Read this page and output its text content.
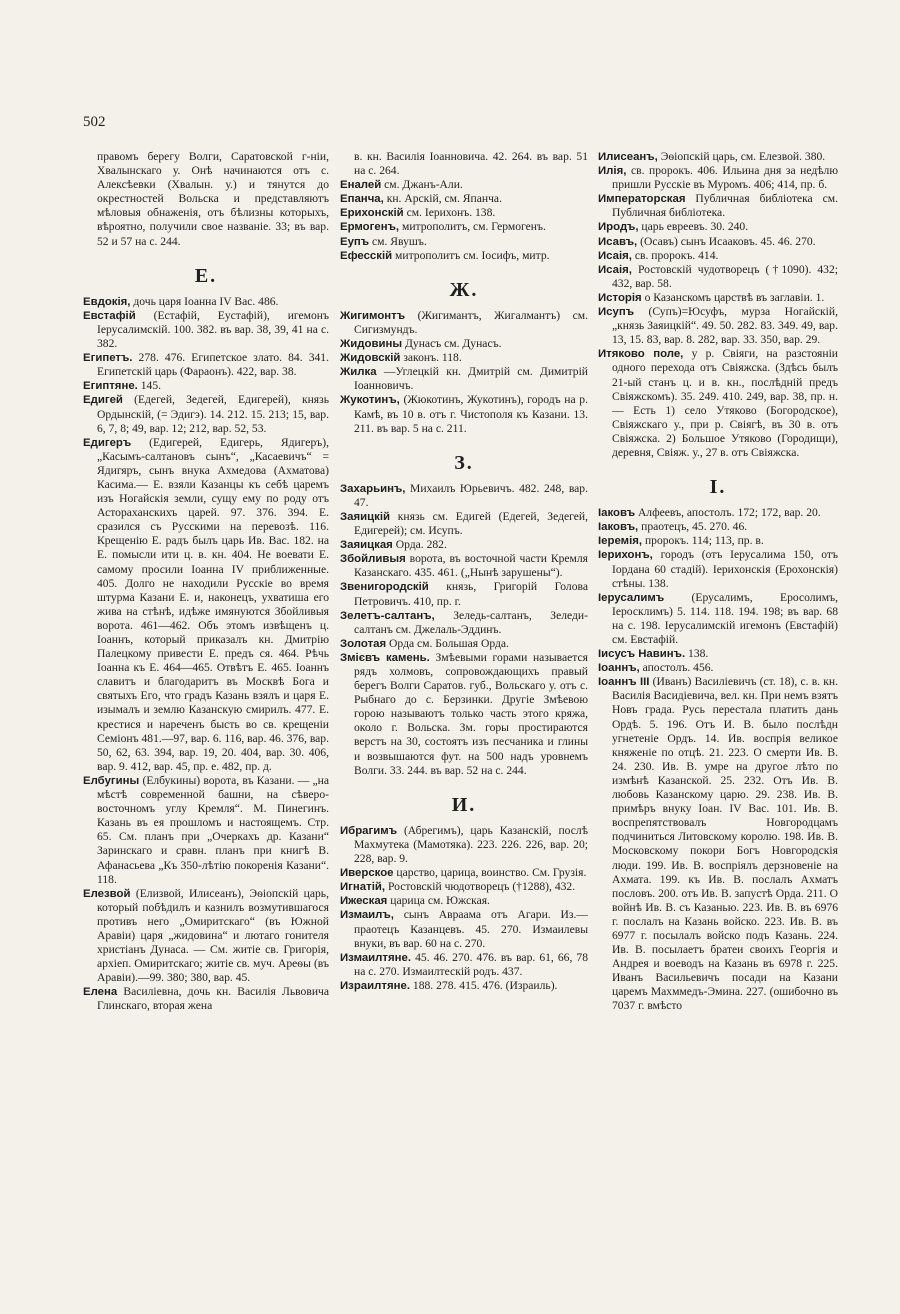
502

правомъ берегу Волги, Саратовской г-ніи, Хвалынскаго у. Онѣ начинаются отъ с. Алексѣевки (Хвалын. у.) и тянутся до окрестностей Вольска и представляютъ мѣловыя обнаженія, отъ бѣлизны которыхъ, вѣроятно, получили свое названіе. 33; въ вар. 52 и 57 на с. 244.

Е.

Евдокія, дочь царя Іоанна IV Вас. 486.

Евстафій (Естафій, Еустафій), игемонъ Іерусалимскій. 100. 382. въ вар. 38, 39, 41 на с. 382.

Египетъ. 278. 476. Египетское злато. 84. 341. Египетскій царь (Фараонъ). 422, вар. 38.

Египтяне. 145.

Едигей (Едегей, Зедегей, Едигерей), князь Ордынскій, (= Эдигэ). 14. 212. 15. 213; 15, вар. 6, 7, 8; 49, вар. 12; 212, вар. 52, 53.

Едигеръ (Едигерей, Едигерь, Ядигеръ), „Касымъ-салтановъ сынъ“, „Касаевичъ“ = Ядигяръ, сынъ внука Ахмедова (Ахматова) Касима.— Е. взяли Казанцы къ себѣ царемъ изъ Ногайскія земли, сущу ему по роду отъ Астораханскихъ царей. 97. 376. 394. Е. сразился съ Русскими на перевозѣ. 116. Крещенію Е. радъ былъ царь Ив. Вас. 182. на Е. помысли ити ц. в. кн. 404. Не воевати Е. самому просили Іоанна IV приближенные. 405. Долго не находили Русскіе во время штурма Казани Е. и, наконецъ, ухватиша его жива на стѣнѣ, идѣже имянуются Збойливыя ворота. 461—462. Объ этомъ извѣщенъ ц. Іоаннъ, который приказалъ кн. Дмитрію Палецкому привести Е. предъ ся. 464. Рѣчь Іоанна къ Е. 464—465. Отвѣтъ Е. 465. Іоаннъ славитъ и благодаритъ въ Москвѣ Бога и святыхъ Его, что градъ Казань взялъ и царя Е. изымалъ и землю Казанскую смирилъ. 477. Е. крестися и нареченъ бысть во св. крещеніи Семіонъ 481.—97, вар. 6. 116, вар. 46. 376, вар. 50, 62, 63. 394, вар. 19, 20. 404, вар. 30. 406, вар. 9. 412, вар. 45, пр. е. 482, пр. д.

Елбугины (Елбукины) ворота, въ Казани. — „на мѣстѣ современной башни, на сѣверо-восточномъ углу Кремля“. М. Пинегинъ. Казань въ ея прошломъ и настоящемъ. Стр. 65. См. планъ при „Очеркахъ др. Казани“ Заринскаго и сравн. планъ при книгѣ В. Афанасьева „Къ 350-лѣтію покоренія Казани“. 118.

Елезвой (Елизвой, Илисеанъ), Эѳіопскій царь, который побѣдилъ и казнилъ возмутившагося противъ него „Омиритскаго“ (въ Южной Аравіи) царя „жидовина“ и лютаго гонителя христіанъ Дунаса. — См. житіе св. Григорія, архіеп. Омиритскаго; житіе св. муч. Ареѳы (въ Аравіи).—99. 380; 380, вар. 45.

Елена Василіевна, дочь кн. Василія Львовича Глинскаго, вторая жена

в. кн. Василія Іоанновича. 42. 264. въ вар. 51 на с. 264.

Еналей см. Джанъ-Али.

Епанча, кн. Арскій, см. Япанча.

Ерихонскій см. Іерихонъ. 138.

Ермогенъ, митрополитъ, см. Гермогенъ.

Еупъ см. Явушъ.

Ефесскій митрополитъ см. Іосифъ, митр.

Ж.

Жигимонтъ (Жигимантъ, Жигалмантъ) см. Сигизмундъ.

Жидовины Дунасъ см. Дунасъ.

Жидовскій законъ. 118.

Жилка —Углецкій кн. Дмитрій см. Димитрій Іоанновичъ.

Жукотинъ, (Жюкотинъ, Жукотинъ), городъ на р. Камѣ, въ 10 в. отъ г. Чистополя къ Казани. 13. 211. въ вар. 5 на с. 211.

З.

Захарьинъ, Михаилъ Юрьевичъ. 482. 248, вар. 47.

Заяицкій князь см. Едигей (Едегей, Зедегей, Едигерей); см. Исупъ.

Заяицкая Орда. 282.

Збойливыя ворота, въ восточной части Кремля Казанскаго. 435. 461. („Нынѣ зарушены“).

Звенигородскій князь, Григорій Голова Петровичъ. 410, пр. г.

Зелетъ-салтанъ, Зеледь-салтанъ, Зеледи-салтанъ см. Джелаль-Эддинъ.

Золотая Орда см. Большая Орда.

Змієвъ камень. Змѣевыми горами называется рядъ холмовъ, сопровождающихъ правый берегъ Волги Саратов. губ., Вольскаго у. отъ с. Рыбнаго до с. Берзинки. Другіе Змѣевою горою называютъ только часть этого кряжа, около г. Вольска. Зм. горы простираются верстъ на 30, состоятъ изъ песчаника и глины и возвышаются фут. на 500 надъ уровнемъ Волги. 33. 244. въ вар. 52 на с. 244.

И.

Ибрагимъ (Абрегимъ), царь Казанскій, послѣ Махмутека (Мамотяка). 223. 226. 226, вар. 20; 228, вар. 9.

Иверское царство, царица, воинство. См. Грузія.

Игнатій, Ростовскій чюдотворецъ (†1288), 432.

Ижеская царица см. Южская.

Измаилъ, сынъ Авраама отъ Агари. Из.—праотецъ Казанцевъ. 45. 270. Измаилевы внуки, въ вар. 60 на с. 270.

Измаилтяне. 45. 46. 270. 476. въ вар. 61, 66, 78 на с. 270. Измаилтескій родъ. 437.

Израилтяне. 188. 278. 415. 476. (Израиль).

Илисеанъ, Эѳіопскій царь, см. Елезвой. 380.

Илія, св. пророкъ. 406. Ильина дня за недѣлю пришли Русскіе въ Муромъ. 406; 414, пр. б.

Императорская Публичная библіотека см. Публичная библіотека.

Иродъ, царь евреевъ. 30. 240.

Исавъ, (Осавъ) сынъ Исааковъ. 45. 46. 270.

Исаія, св. пророкъ. 414.

Исаія, Ростовскій чудотворецъ (†1090). 432; 432, вар. 58.

Исторія о Казанскомъ царствѣ въ заглавіи. 1.

Исупъ (Супъ)=Юсуфъ, мурза Ногайскій, „князь Заяицкій“. 49. 50. 282. 83. 349. 49, вар. 13, 15. 83, вар. 8. 282, вар. 33. 350, вар. 29.

Итяково поле, у р. Свіяги, на разстояніи одного перехода отъ Свіяжска. (Здѣсь былъ 21-ый станъ ц. и в. кн., послѣдній предъ Свіяжскомъ). 35. 249. 410. 249, вар. 38, пр. н. — Есть 1) село Утяково (Богородское), Свіяжскаго у., при р. Свіягѣ, въ 30 в. отъ Свіяжска. 2) Большое Утяково (Городищи), деревня, Свіяж. у., 27 в. отъ Свіяжска.

І.

Іаковъ Алфеевъ, апостолъ. 172; 172, вар. 20.

Іаковъ, праотецъ, 45. 270. 46.

Іеремія, пророкъ. 114; 113, пр. в.

Іерихонъ, городъ (отъ Іерусалима 150, отъ Іордана 60 стадій). Іерихонскія (Ерохонскія) стѣны. 138.

Іерусалимъ (Ерусалимъ, Еросолимъ, Іеросклимъ) 5. 114. 118. 194. 198; въ вар. 68 на с. 198. Іерусалимскій игемонъ (Евстафій) см. Евстафій.

Іисусъ Навинъ. 138.

Іоаннъ, апостолъ. 456.

Іоаннъ III (Иванъ) Василіевичъ (ст. 18), с. в. кн. Василія Васидіевича, вел. кн. При немъ взятъ Новъ града. Русь перестала платить дань Ордѣ. 5. 196. Отъ И. В. было послѣдн угнетеніе Ордъ. 14. Ив. воспрія великое княженіе по отцѣ. 21. 223. О смерти Ив. В. 24. 230. Ив. В. умре на другое лѣто по измѣнѣ Казанской. 25. 232. Отъ Ив. В. любовь Казанскому царю. 29. 238. Ив. В. примѣръ внуку Іоан. IV Вас. 101. Ив. В. воспрепятствовалъ Новгородцамъ подчиниться Литовскому королю. 198. Ив. В. Московскому покори Богъ Новгородскія люди. 199. Ив. В. воспріялъ дерзновеніе на Ахмата. 199. къ Ив. В. послалъ Ахматъ пословъ. 200. отъ Ив. В. запустѣ Орда. 211. О войнѣ Ив. В. съ Казанью. 223. Ив. В. въ 6976 г. послалъ на Казань войско. 223. Ив. В. въ 6977 г. посылалъ войско подъ Казань. 224. Ив. В. посылаетъ братеи своихъ Георгія и Андрея и воеводъ на Казань въ 6978 г. 225. Иванъ Васильевичъ посади на Казани царемъ Махммедъ-Эмина. 227. (ошибочно въ 7037 г. вмѣсто
